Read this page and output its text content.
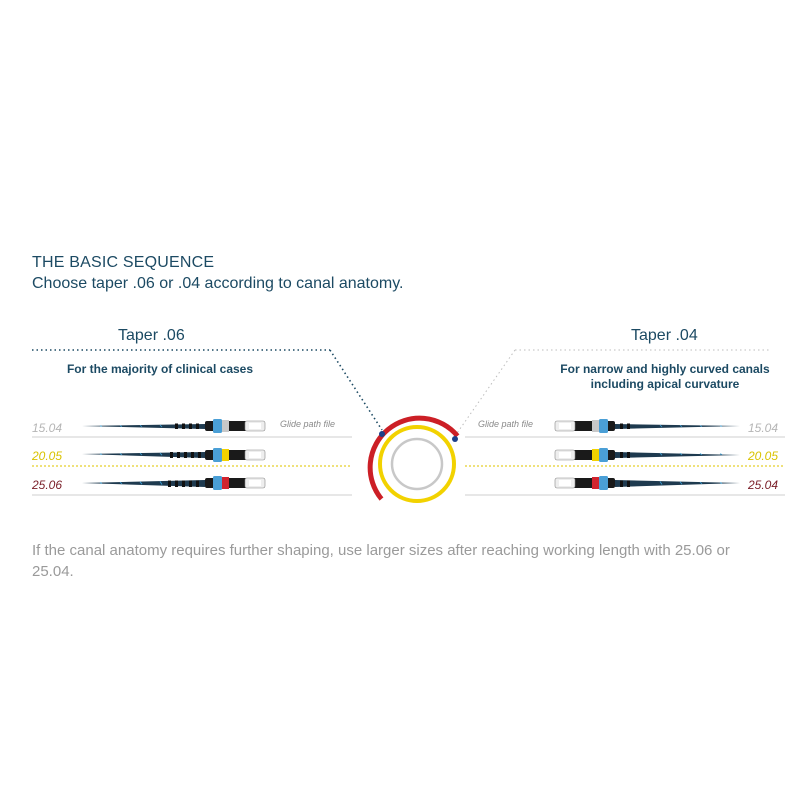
THE BASIC SEQUENCE
Choose taper .06 or .04 according to canal anatomy.
Taper .06
For the majority of clinical cases
Taper .04
For narrow and highly curved canals
including apical curvature
15.04
20.05
25.06
Glide path file	15.04
20.05
25.04
Glide path file
If the canal anatomy requires further shaping, use larger sizes after reaching working length with 25.06 or 25.04.
